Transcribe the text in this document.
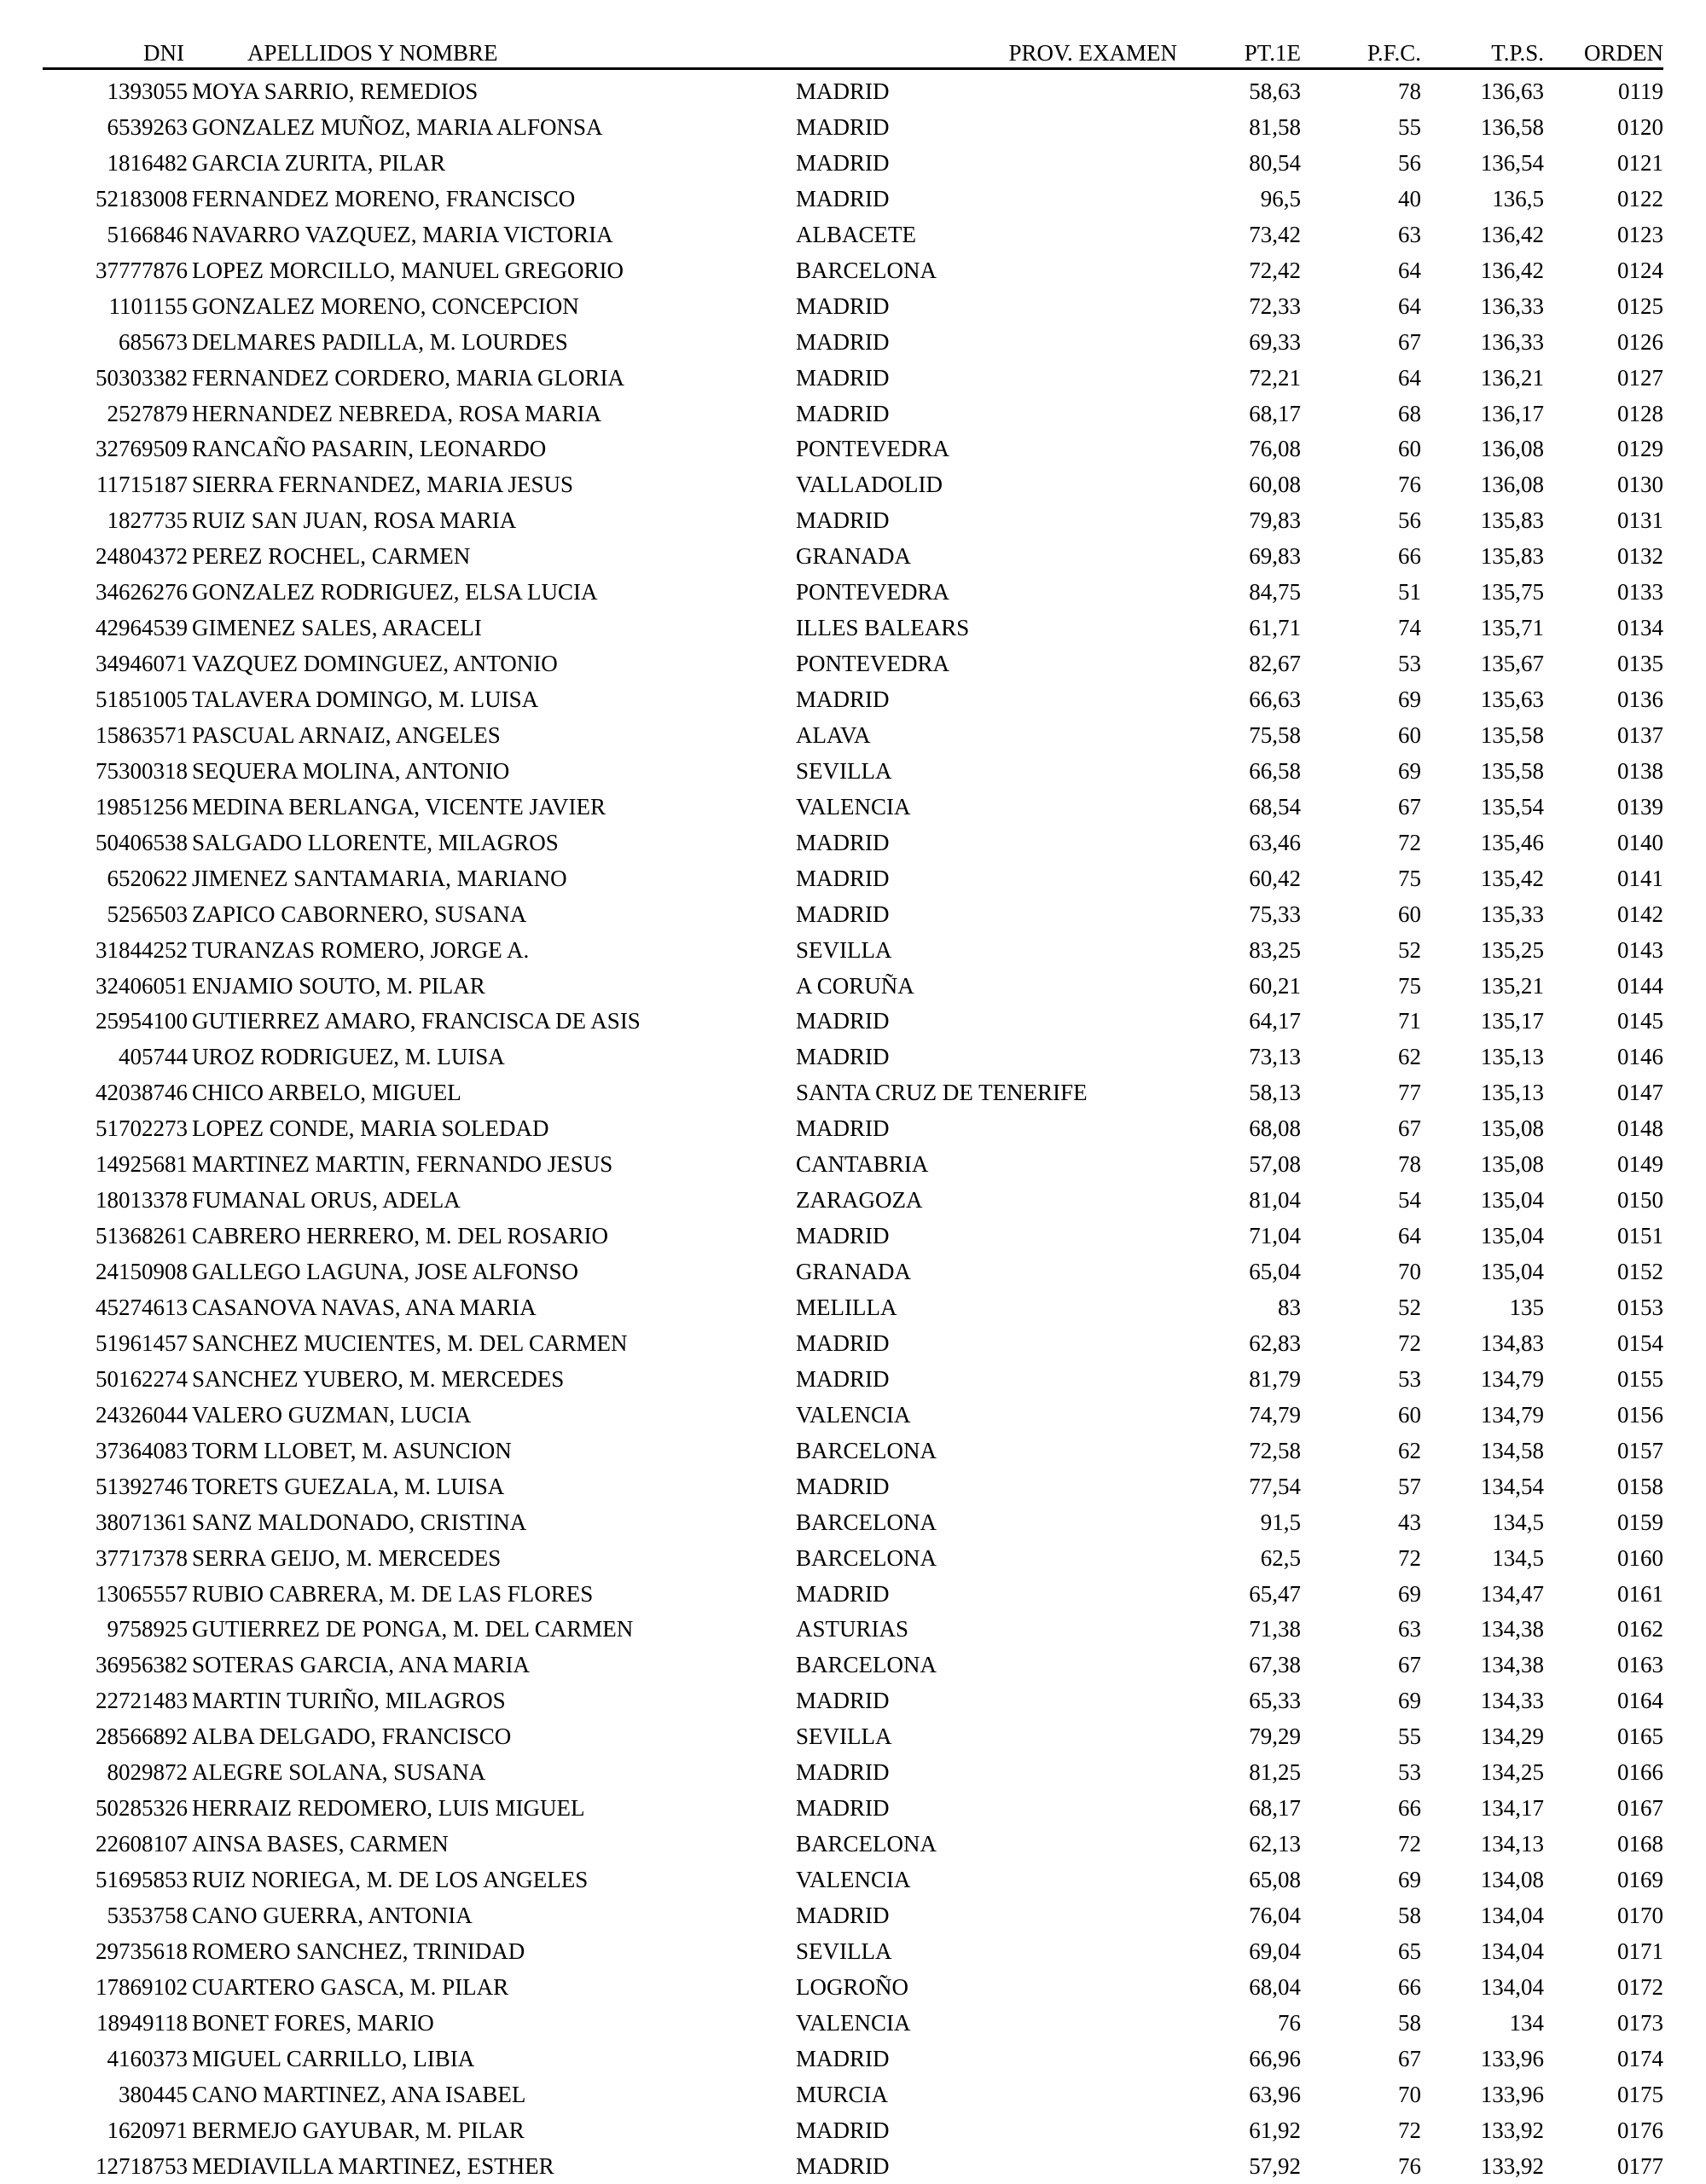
DNI	APELLIDOS Y NOMBRE	PROV. EXAMEN	PT.1E	P.F.C.	T.P.S.	ORDEN
1393055 MOYA SARRIO, REMEDIOS	MADRID	58,63	78	136,63	0119
6539263 GONZALEZ MUÑOZ, MARIA ALFONSA	MADRID	81,58	55	136,58	0120
1816482 GARCIA ZURITA, PILAR	MADRID	80,54	56	136,54	0121
52183008 FERNANDEZ MORENO, FRANCISCO	MADRID	96,5	40	136,5	0122
5166846 NAVARRO VAZQUEZ, MARIA VICTORIA	ALBACETE	73,42	63	136,42	0123
37777876 LOPEZ MORCILLO, MANUEL GREGORIO	BARCELONA	72,42	64	136,42	0124
1101155 GONZALEZ MORENO, CONCEPCION	MADRID	72,33	64	136,33	0125
685673 DELMARES PADILLA, M. LOURDES	MADRID	69,33	67	136,33	0126
50303382 FERNANDEZ CORDERO, MARIA GLORIA	MADRID	72,21	64	136,21	0127
2527879 HERNANDEZ NEBREDA, ROSA MARIA	MADRID	68,17	68	136,17	0128
32769509 RANCAÑO PASARIN, LEONARDO	PONTEVEDRA	76,08	60	136,08	0129
11715187 SIERRA FERNANDEZ, MARIA JESUS	VALLADOLID	60,08	76	136,08	0130
1827735 RUIZ SAN JUAN, ROSA MARIA	MADRID	79,83	56	135,83	0131
24804372 PEREZ ROCHEL, CARMEN	GRANADA	69,83	66	135,83	0132
34626276 GONZALEZ RODRIGUEZ, ELSA LUCIA	PONTEVEDRA	84,75	51	135,75	0133
42964539 GIMENEZ SALES, ARACELI	ILLES BALEARS	61,71	74	135,71	0134
34946071 VAZQUEZ DOMINGUEZ, ANTONIO	PONTEVEDRA	82,67	53	135,67	0135
51851005 TALAVERA DOMINGO, M. LUISA	MADRID	66,63	69	135,63	0136
15863571 PASCUAL ARNAIZ, ANGELES	ALAVA	75,58	60	135,58	0137
75300318 SEQUERA MOLINA, ANTONIO	SEVILLA	66,58	69	135,58	0138
19851256 MEDINA BERLANGA, VICENTE JAVIER	VALENCIA	68,54	67	135,54	0139
50406538 SALGADO LLORENTE, MILAGROS	MADRID	63,46	72	135,46	0140
6520622 JIMENEZ SANTAMARIA, MARIANO	MADRID	60,42	75	135,42	0141
5256503 ZAPICO CABORNERO, SUSANA	MADRID	75,33	60	135,33	0142
31844252 TURANZAS ROMERO, JORGE A.	SEVILLA	83,25	52	135,25	0143
32406051 ENJAMIO SOUTO, M. PILAR	A CORUÑA	60,21	75	135,21	0144
25954100 GUTIERREZ AMARO, FRANCISCA DE ASIS	MADRID	64,17	71	135,17	0145
405744 UROZ RODRIGUEZ, M. LUISA	MADRID	73,13	62	135,13	0146
42038746 CHICO ARBELO, MIGUEL	SANTA CRUZ DE TENERIFE	58,13	77	135,13	0147
51702273 LOPEZ CONDE, MARIA SOLEDAD	MADRID	68,08	67	135,08	0148
14925681 MARTINEZ MARTIN, FERNANDO JESUS	CANTABRIA	57,08	78	135,08	0149
18013378 FUMANAL ORUS, ADELA	ZARAGOZA	81,04	54	135,04	0150
51368261 CABRERO HERRERO, M. DEL ROSARIO	MADRID	71,04	64	135,04	0151
24150908 GALLEGO LAGUNA, JOSE ALFONSO	GRANADA	65,04	70	135,04	0152
45274613 CASANOVA NAVAS, ANA MARIA	MELILLA	83	52	135	0153
51961457 SANCHEZ MUCIENTES, M. DEL CARMEN	MADRID	62,83	72	134,83	0154
50162274 SANCHEZ YUBERO, M. MERCEDES	MADRID	81,79	53	134,79	0155
24326044 VALERO GUZMAN, LUCIA	VALENCIA	74,79	60	134,79	0156
37364083 TORM LLOBET, M. ASUNCION	BARCELONA	72,58	62	134,58	0157
51392746 TORETS GUEZALA, M. LUISA	MADRID	77,54	57	134,54	0158
38071361 SANZ MALDONADO, CRISTINA	BARCELONA	91,5	43	134,5	0159
37717378 SERRA GEIJO, M. MERCEDES	BARCELONA	62,5	72	134,5	0160
13065557 RUBIO CABRERA, M. DE LAS FLORES	MADRID	65,47	69	134,47	0161
9758925 GUTIERREZ DE PONGA, M. DEL CARMEN	ASTURIAS	71,38	63	134,38	0162
36956382 SOTERAS GARCIA, ANA MARIA	BARCELONA	67,38	67	134,38	0163
22721483 MARTIN TURIÑO, MILAGROS	MADRID	65,33	69	134,33	0164
28566892 ALBA DELGADO, FRANCISCO	SEVILLA	79,29	55	134,29	0165
8029872 ALEGRE SOLANA, SUSANA	MADRID	81,25	53	134,25	0166
50285326 HERRAIZ REDOMERO, LUIS MIGUEL	MADRID	68,17	66	134,17	0167
22608107 AINSA BASES, CARMEN	BARCELONA	62,13	72	134,13	0168
51695853 RUIZ NORIEGA, M. DE LOS ANGELES	VALENCIA	65,08	69	134,08	0169
5353758 CANO GUERRA, ANTONIA	MADRID	76,04	58	134,04	0170
29735618 ROMERO SANCHEZ, TRINIDAD	SEVILLA	69,04	65	134,04	0171
17869102 CUARTERO GASCA, M. PILAR	LOGROÑO	68,04	66	134,04	0172
18949118 BONET FORES, MARIO	VALENCIA	76	58	134	0173
4160373 MIGUEL CARRILLO, LIBIA	MADRID	66,96	67	133,96	0174
380445 CANO MARTINEZ, ANA ISABEL	MURCIA	63,96	70	133,96	0175
1620971 BERMEJO GAYUBAR, M. PILAR	MADRID	61,92	72	133,92	0176
12718753 MEDIAVILLA MARTINEZ, ESTHER	MADRID	57,92	76	133,92	0177
